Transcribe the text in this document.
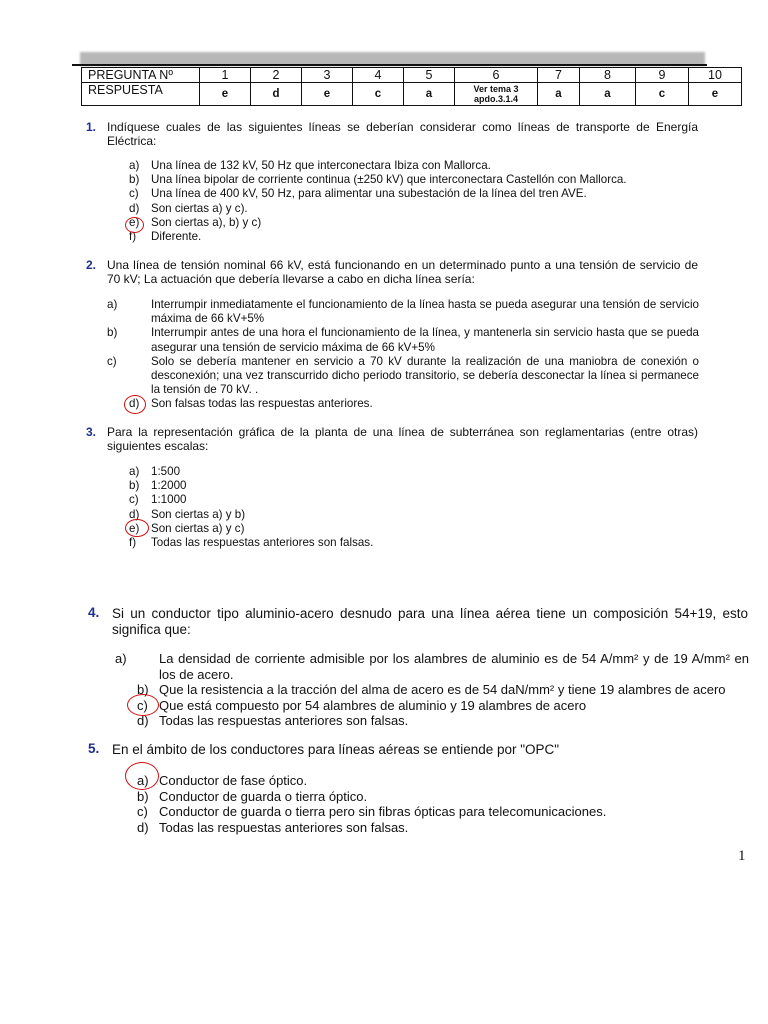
PREGUNTA Nº	1	2	3	4	5	6	7	8	9	10
RESPUESTA	e	d	e	c	a	Ver tema 3 apdo.3.1.4	a	a	c	e
1. Indíquese cuales de las siguientes líneas se deberían considerar como líneas de transporte de Energía Eléctrica:
a) Una línea de 132 kV, 50 Hz que interconectara Ibiza con Mallorca.
b) Una línea bipolar de corriente continua (±250 kV) que interconectara Castellón con Mallorca.
c) Una línea de 400 kV, 50 Hz, para alimentar una subestación de la línea del tren AVE.
d) Son ciertas a) y c).
e) Son ciertas a), b) y c)
f) Diferente.
2. Una línea de tensión nominal 66 kV, está funcionando en un determinado punto a una tensión de servicio de 70 kV; La actuación que debería llevarse a cabo en dicha línea sería:
a)	Interrumpir inmediatamente el funcionamiento de la línea hasta se pueda asegurar una tensión de servicio máxima de 66 kV+5%
b)	Interrumpir antes de una hora el funcionamiento de la línea, y mantenerla sin servicio hasta que se pueda asegurar una tensión de servicio máxima de 66 kV+5%
c)	Solo se debería mantener en servicio a 70 kV durante la realización de una maniobra de conexión o desconexión; una vez transcurrido dicho periodo transitorio, se debería desconectar la línea si permanece la tensión de 70 kV. .
d) Son falsas todas las respuestas anteriores.
3. Para la representación gráfica de la planta de una línea de subterránea son reglamentarias (entre otras) siguientes escalas:
a) 1:500
b) 1:2000
c) 1:1000
d) Son ciertas a) y b)
e) Son ciertas a) y c)
f) Todas las respuestas anteriores son falsas.
4. Si un conductor tipo aluminio-acero desnudo para una línea aérea tiene un composición 54+19, esto significa que:
a) La densidad de corriente admisible por los alambres de aluminio es de 54 A/mm² y de 19 A/mm² en los de acero.
b) Que la resistencia a la tracción del alma de acero es de 54 daN/mm² y tiene 19 alambres de acero
c) Que está compuesto por 54 alambres de aluminio y 19 alambres de acero
d) Todas las respuestas anteriores son falsas.
5. En el ámbito de los conductores para líneas aéreas se entiende por "OPC"
a) Conductor de fase óptico.
b) Conductor de guarda o tierra óptico.
c) Conductor de guarda o tierra pero sin fibras ópticas para telecomunicaciones.
d) Todas las respuestas anteriores son falsas.
1
